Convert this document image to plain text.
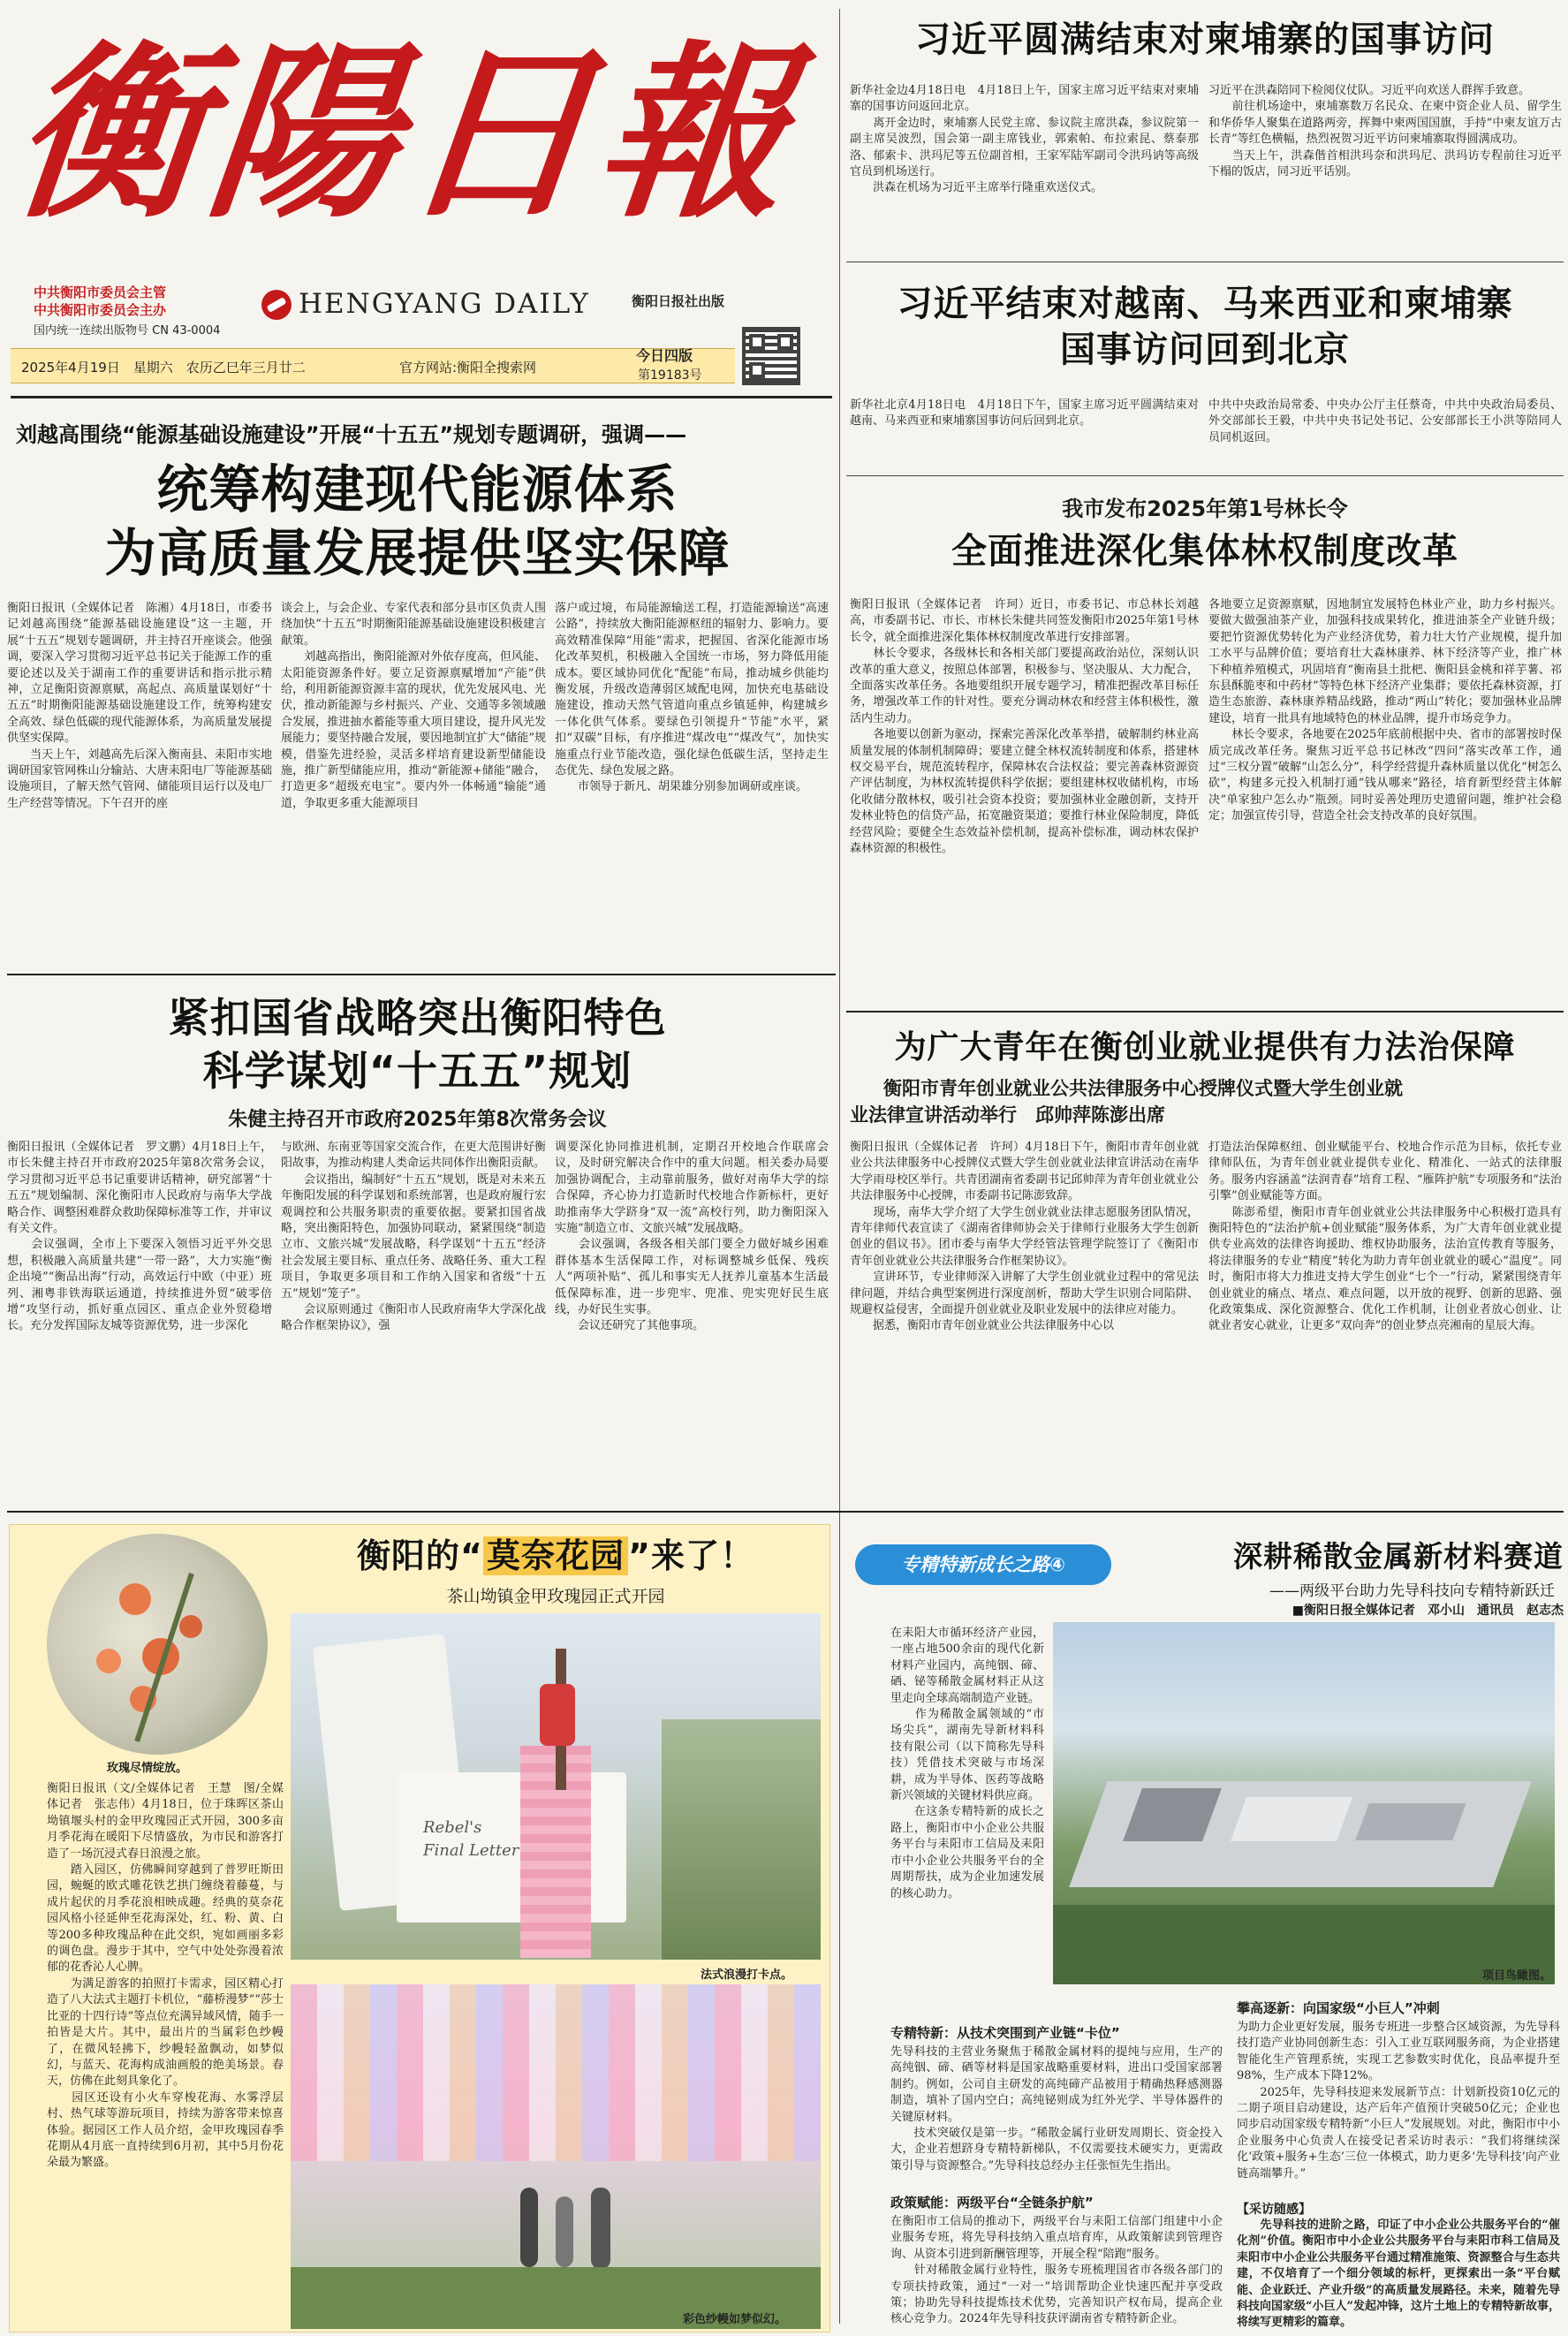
衡陽日報
中共衡阳市委员会主管
中共衡阳市委员会主办
国内统一连续出版物号 CN 43-0004
HENGYANG DAILY	衡阳日报社出版
2025年4月19日　星期六　农历乙巳年三月廿二	官方网站:衡阳全搜索网
今日四版
第19183号
刘越高围绕“能源基础设施建设”开展“十五五”规划专题调研，强调——
统筹构建现代能源体系
为高质量发展提供坚实保障
衡阳日报讯（全媒体记者　陈湘）4月18日，市委书记刘越高围绕“能源基础设施建设”这一主题，开展“十五五”规划专题调研，并主持召开座谈会。他强调，要深入学习贯彻习近平总书记关于能源工作的重要论述以及关于湖南工作的重要讲话和指示批示精神，立足衡阳资源禀赋，高起点、高质量谋划好“十五五”时期衡阳能源基础设施建设工作，统筹构建安全高效、绿色低碳的现代能源体系，为高质量发展提供坚实保障。
　　当天上午，刘越高先后深入衡南县、耒阳市实地调研国家管网株山分输站、大唐耒阳电厂等能源基础设施项目，了解天然气管网、储能项目运行以及电厂生产经营等情况。下午召开的座
谈会上，与会企业、专家代表和部分县市区负责人围绕加快“十五五”时期衡阳能源基础设施建设积极建言献策。
　　刘越高指出，衡阳能源对外依存度高，但风能、太阳能资源条件好。要立足资源禀赋增加“产能”供给，利用新能源资源丰富的现状，优先发展风电、光伏，推动新能源与乡村振兴、产业、交通等多领域融合发展，推进抽水蓄能等重大项目建设，提升风光发展能力；要坚持融合发展，要因地制宜扩大“储能”规模，借鉴先进经验，灵活多样培育建设新型储能设施，推广新型储能应用，推动“新能源+储能”融合，打造更多“超级充电宝”。要内外一体畅通“输能”通道，争取更多重大能源项目
落户或过境，布局能源输送工程，打造能源输送“高速公路”，持续放大衡阳能源枢纽的辐射力、影响力。要高效精准保障“用能”需求，把握国、省深化能源市场化改革契机，积极融入全国统一市场，努力降低用能成本。要区域协同优化“配能”布局，推动城乡供能均衡发展，升级改造薄弱区域配电网，加快充电基础设施建设，推动天然气管道向重点乡镇延伸，构建城乡一体化供气体系。要绿色引领提升“节能”水平，紧扣“双碳”目标，有序推进“煤改电”“煤改气”，加快实施重点行业节能改造，强化绿色低碳生活，坚持走生态优先、绿色发展之路。
　　市领导于新凡、胡果雄分别参加调研或座谈。
习近平圆满结束对柬埔寨的国事访问
新华社金边4月18日电　4月18日上午，国家主席习近平结束对柬埔寨的国事访问返回北京。
　　离开金边时，柬埔寨人民党主席、参议院主席洪森，参议院第一副主席吴波烈，国会第一副主席钱业，郭索帕、布拉索昆、蔡泰那洛、郁索卡、洪玛尼等五位副首相，王家军陆军副司令洪玛讷等高级官员到机场送行。
　　洪森在机场为习近平主席举行隆重欢送仪式。
习近平在洪森陪同下检阅仪仗队。习近平向欢送人群挥手致意。
　　前往机场途中，柬埔寨数万名民众、在柬中资企业人员、留学生和华侨华人聚集在道路两旁，挥舞中柬两国国旗，手持“中柬友谊万古长青”等红色横幅，热烈祝贺习近平访问柬埔寨取得圆满成功。
　　当天上午，洪森偕首相洪玛奈和洪玛尼、洪玛访专程前往习近平下榻的饭店，同习近平话别。
习近平结束对越南、马来西亚和柬埔寨
国事访问回到北京
新华社北京4月18日电　4月18日下午，国家主席习近平圆满结束对越南、马来西亚和柬埔寨国事访问后回到北京。
中共中央政治局常委、中央办公厅主任蔡奇，中共中央政治局委员、外交部部长王毅，中共中央书记处书记、公安部部长王小洪等陪同人员同机返回。
我市发布2025年第1号林长令
全面推进深化集体林权制度改革
衡阳日报讯（全媒体记者　许珂）近日，市委书记、市总林长刘越高，市委副书记、市长、市林长朱健共同签发衡阳市2025年第1号林长令，就全面推进深化集体林权制度改革进行安排部署。
　　林长令要求，各级林长和各相关部门要提高政治站位，深刻认识改革的重大意义，按照总体部署，积极参与、坚决服从、大力配合，全面落实改革任务。各地要组织开展专题学习，精准把握改革目标任务，增强改革工作的针对性。要充分调动林农和经营主体积极性，激活内生动力。
　　各地要以创新为驱动，探索完善深化改革举措，破解制约林业高质量发展的体制机制障碍；要建立健全林权流转制度和体系，搭建林权交易平台，规范流转程序，保障林农合法权益；要完善森林资源资产评估制度，为林权流转提供科学依据；要组建林权收储机构，市场化收储分散林权，吸引社会资本投资；要加强林业金融创新，支持开发林业特色的信贷产品，拓宽融资渠道；要推行林业保险制度，降低经营风险；要健全生态效益补偿机制，提高补偿标准，调动林农保护森林资源的积极性。
各地要立足资源禀赋，因地制宜发展特色林业产业，助力乡村振兴。要做大做强油茶产业，加强科技成果转化，推进油茶全产业链升级；要把竹资源优势转化为产业经济优势，着力壮大竹产业规模，提升加工水平与品牌价值；要培育壮大森林康养、林下经济等产业，推广林下种植养殖模式，巩固培育“衡南县土批杷、衡阳县金桃和祥芋薯、祁东县酥脆枣和中药材”等特色林下经济产业集群；要依托森林资源，打造生态旅游、森林康养精品线路，推动“两山”转化；要加强林业品牌建设，培育一批具有地域特色的林业品牌，提升市场竞争力。
　　林长令要求，各地要在2025年底前根据中央、省市的部署按时保质完成改革任务。聚焦习近平总书记林改“四问”落实改革工作，通过“三权分置”破解“山怎么分”，科学经营提升森林质量以优化“树怎么砍”，构建多元投入机制打通“钱从哪来”路径，培育新型经营主体解决“单家独户怎么办”瓶颈。同时妥善处理历史遗留问题，维护社会稳定；加强宣传引导，营造全社会支持改革的良好氛围。
紧扣国省战略突出衡阳特色
科学谋划“十五五”规划
朱健主持召开市政府2025年第8次常务会议
衡阳日报讯（全媒体记者　罗文鹏）4月18日上午，市长朱健主持召开市政府2025年第8次常务会议，学习贯彻习近平总书记重要讲话精神，研究部署“十五五”规划编制、深化衡阳市人民政府与南华大学战略合作、调整困难群众救助保障标准等工作，并审议有关文件。
　　会议强调，全市上下要深入领悟习近平外交思想，积极融入高质量共建“一带一路”，大力实施“衡企出境”“衡品出海”行动，高效运行中欧（中亚）班列、湘粤非铁海联运通道，持续推进外贸“破零倍增”攻坚行动，抓好重点园区、重点企业外贸稳增长。充分发挥国际友城等资源优势，进一步深化
与欧洲、东南亚等国家交流合作，在更大范围讲好衡阳故事，为推动构建人类命运共同体作出衡阳贡献。
　　会议指出，编制好“十五五”规划，既是对未来五年衡阳发展的科学谋划和系统部署，也是政府履行宏观调控和公共服务职责的重要依据。要紧扣国省战略，突出衡阳特色，加强协同联动，紧紧围绕“制造立市、文旅兴城”发展战略，科学谋划“十五五”经济社会发展主要目标、重点任务、战略任务、重大工程项目，争取更多项目和工作纳入国家和省级“十五五”规划“笼子”。
　　会议原则通过《衡阳市人民政府南华大学深化战略合作框架协议》，强
调要深化协同推进机制，定期召开校地合作联席会议，及时研究解决合作中的重大问题。相关委办局要加强协调配合，主动靠前服务，做好对南华大学的综合保障，齐心协力打造新时代校地合作新标杆，更好助推南华大学跻身“双一流”高校行列，助力衡阳深入实施“制造立市、文旅兴城”发展战略。
　　会议强调，各级各相关部门要全力做好城乡困难群体基本生活保障工作，对标调整城乡低保、残疾人“两项补贴”、孤儿和事实无人抚养儿童基本生活最低保障标准，进一步兜牢、兜准、兜实兜好民生底线，办好民生实事。
　　会议还研究了其他事项。
为广大青年在衡创业就业提供有力法治保障
衡阳市青年创业就业公共法律服务中心授牌仪式暨大学生创业就
业法律宣讲活动举行　邱帅萍陈澎出席
衡阳日报讯（全媒体记者　许珂）4月18日下午，衡阳市青年创业就业公共法律服务中心授牌仪式暨大学生创业就业法律宣讲活动在南华大学雨母校区举行。共青团湖南省委副书记邱帅萍为青年创业就业公共法律服务中心授牌，市委副书记陈澎致辞。
　　现场，南华大学介绍了大学生创业就业法律志愿服务团队情况，青年律师代表宣读了《湖南省律师协会关于律师行业服务大学生创新创业的倡议书》。团市委与南华大学经管法管理学院签订了《衡阳市青年创业就业公共法律服务合作框架协议》。
　　宣讲环节，专业律师深入讲解了大学生创业就业过程中的常见法律问题，并结合典型案例进行深度剖析，帮助大学生识别合同陷阱、规避权益侵害，全面提升创业就业及职业发展中的法律应对能力。
　　据悉，衡阳市青年创业就业公共法律服务中心以
打造法治保障枢纽、创业赋能平台、校地合作示范为目标，依托专业律师队伍，为青年创业就业提供专业化、精准化、一站式的法律服务。服务内容涵盖“法润青春”培育工程、“雁阵护航”专项服务和“法治引擎”创业赋能等方面。
　　陈澎希望，衡阳市青年创业就业公共法律服务中心积极打造具有衡阳特色的“法治护航+创业赋能”服务体系，为广大青年创业就业提供专业高效的法律咨询援助、维权协助服务，法治宣传教育等服务，将法律服务的专业“精度”转化为助力青年创业就业的暖心“温度”。同时，衡阳市将大力推进支持大学生创业“七个一”行动，紧紧围绕青年创业就业的痛点、堵点、难点问题，以开放的视野、创新的思路、强化政策集成、深化资源整合、优化工作机制，让创业者放心创业、让就业者安心就业，让更多“双向奔”的创业梦点亮湘南的星辰大海。
衡阳的“ 莫奈花园 ”来了！
茶山坳镇金甲玫瑰园正式开园
玫瑰尽情绽放。
Rebel's
Final Letter
法式浪漫打卡点。
彩色纱幔如梦似幻。
衡阳日报讯（文/全媒体记者　王慧　图/全媒体记者　张志伟）4月18日，位于珠晖区茶山坳镇堰头村的金甲玫瑰园正式开园，300多亩月季花海在暖阳下尽情盛放，为市民和游客打造了一场沉浸式春日浪漫之旅。
　　踏入园区，仿佛瞬间穿越到了普罗旺斯田园，蜿蜒的欧式雕花铁艺拱门缠绕着藤蔓，与成片起伏的月季花浪相映成趣。经典的莫奈花园风格小径延伸至花海深处，红、粉、黄、白等200多种玫瑰品种在此交织，宛如画丽多彩的调色盘。漫步于其中，空气中处处弥漫着浓郁的花香沁人心脾。
　　为满足游客的拍照打卡需求，园区精心打造了八大法式主题打卡机位，“藤桥漫梦”“莎士比亚的十四行诗”等点位充满异域风情，随手一拍皆是大片。其中，最出片的当属彩色纱幔了，在微风轻拂下，纱幔轻盈飘动，如梦似幻，与蓝天、花海构成油画般的绝美场景。春天，仿佛在此刻具象化了。
　　园区还设有小火车穿梭花海、水雾浮层村、热气球等游玩项目，持续为游客带来惊喜体验。据园区工作人员介绍，金甲玫瑰园春季花期从4月底一直持续到6月初，其中5月份花朵最为繁盛。
专精特新成长之路④	深耕稀散金属新材料赛道
——两级平台助力先导科技向专精特新跃迁
■衡阳日报全媒体记者　邓小山　通讯员　赵志杰
在耒阳大市循环经济产业园，一座占地500余亩的现代化新材料产业园内，高纯铟、碲、硒、铋等稀散金属材料正从这里走向全球高端制造产业链。
　　作为稀散金属领域的“市场尖兵”，湖南先导新材料科技有限公司（以下简称先导科技）凭借技术突破与市场深耕，成为半导体、医药等战略新兴领域的关键材料供应商。
　　在这条专精特新的成长之路上，衡阳市中小企业公共服务平台与耒阳市工信局及耒阳市中小企业公共服务平台的全周期帮扶，成为企业加速发展的核心助力。
项目鸟瞰图。
专精特新：从技术突围到产业链“卡位”
先导科技的主营业务聚焦于稀散金属材料的提纯与应用，生产的高纯铟、碲、硒等材料是国家战略重要材料，进出口受国家部署制约。例如，公司自主研发的高纯碲产品被用于精确热释感测器制造，填补了国内空白；高纯铋则成为红外光学、半导体器件的关键原材料。
　　技术突破仅是第一步。“稀散金属行业研发周期长、资金投入大，企业若想跻身专精特新梯队，不仅需要技术硬实力，更需政策引导与资源整合。”先导科技总经办主任张恒先生指出。
政策赋能：两级平台“全链条护航”
在衡阳市工信局的推动下，两级平台与耒阳工信部门组建中小企业服务专班，将先导科技纳入重点培育库，从政策解读到管理咨询、从资本引进到新酬管理等，开展全程“陪跑”服务。
　　针对稀散金属行业特性，服务专班梳理国省市各级各部门的专项扶持政策，通过“一对一”培训帮助企业快速匹配并享受政策；协助先导科技提炼技术优势，完善知识产权布局，提高企业核心竞争力。2024年先导科技获评湖南省专精特新企业。
攀高逐新：向国家级“小巨人”冲刺
为助力企业更好发展，服务专班进一步整合区域资源，为先导科技打造产业协同创新生态：引入工业互联网服务商，为企业搭建智能化生产管理系统，实现工艺参数实时优化，良品率提升至98%，生产成本下降12%。
　　2025年，先导科技迎来发展新节点：计划新投资10亿元的二期子项目启动建设，达产后年产值预计突破50亿元；企业也同步启动国家级专精特新“小巨人”发展规划。对此，衡阳市中小企业服务中心负责人在接受记者采访时表示：“我们将继续深化‘政策+服务+生态’三位一体模式，助力更多‘先导科技’向产业链高端攀升。”
【采访随感】
　　先导科技的进阶之路，印证了中小企业公共服务平台的“催化剂”价值。衡阳市中小企业公共服务平台与耒阳市科工信局及耒阳市中小企业公共服务平台通过精准施策、资源整合与生态共建，不仅培育了一个细分领域的标杆，更探索出一条“平台赋能、企业跃迁、产业升级”的高质量发展路径。未来，随着先导科技向国家级“小巨人”发起冲锋，这片土地上的专精特新故事，将续写更精彩的篇章。
